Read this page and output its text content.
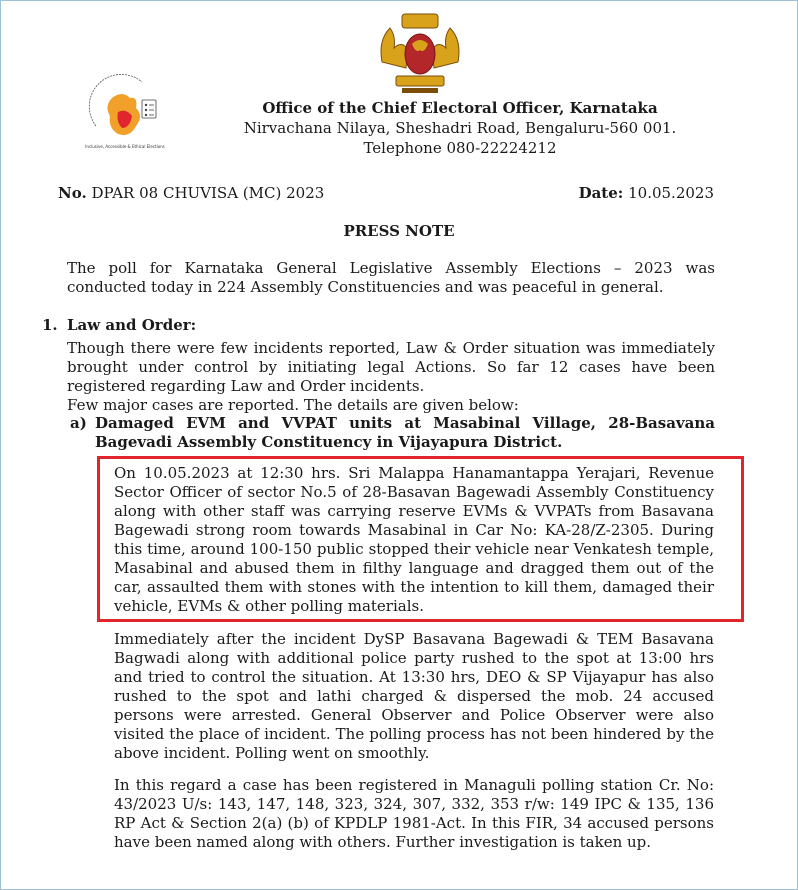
Inclusive, Accessible & Ethical Elections
Office of the Chief Electoral Officer, Karnataka
Nirvachana Nilaya, Sheshadri Road, Bengaluru-560 001.
Telephone 080-22224212
No. DPAR 08 CHUVISA (MC) 2023	Date: 10.05.2023
PRESS NOTE

The poll for Karnataka General Legislative Assembly Elections – 2023 was conducted today in 224 Assembly Constituencies and was peaceful in general.

1. Law and Order:

Though there were few incidents reported, Law & Order situation was immediately brought under control by initiating legal Actions. So far 12 cases have been registered regarding Law and Order incidents.

Few major cases are reported. The details are given below:

a) Damaged EVM and VVPAT units at Masabinal Village, 28-Basavana Bagevadi Assembly Constituency in Vijayapura District.

On 10.05.2023 at 12:30 hrs. Sri Malappa Hanamantappa Yerajari, Revenue Sector Officer of sector No.5 of 28-Basavan Bagewadi Assembly Constituency along with other staff was carrying reserve EVMs & VVPATs from Basavana Bagewadi strong room towards Masabinal in Car No: KA-28/Z-2305. During this time, around 100-150 public stopped their vehicle near Venkatesh temple, Masabinal and abused them in filthy language and dragged them out of the car, assaulted them with stones with the intention to kill them, damaged their vehicle, EVMs & other polling materials.

Immediately after the incident DySP Basavana Bagewadi & TEM Basavana Bagwadi along with additional police party rushed to the spot at 13:00 hrs and tried to control the situation. At 13:30 hrs, DEO & SP Vijayapur has also rushed to the spot and lathi charged & dispersed the mob. 24 accused persons were arrested. General Observer and Police Observer were also visited the place of incident. The polling process has not been hindered by the above incident. Polling went on smoothly.

In this regard a case has been registered in Managuli polling station Cr. No: 43/2023 U/s: 143, 147, 148, 323, 324, 307, 332, 353 r/w: 149 IPC & 135, 136 RP Act & Section 2(a) (b) of KPDLP 1981-Act. In this FIR, 34 accused persons have been named along with others. Further investigation is taken up.
